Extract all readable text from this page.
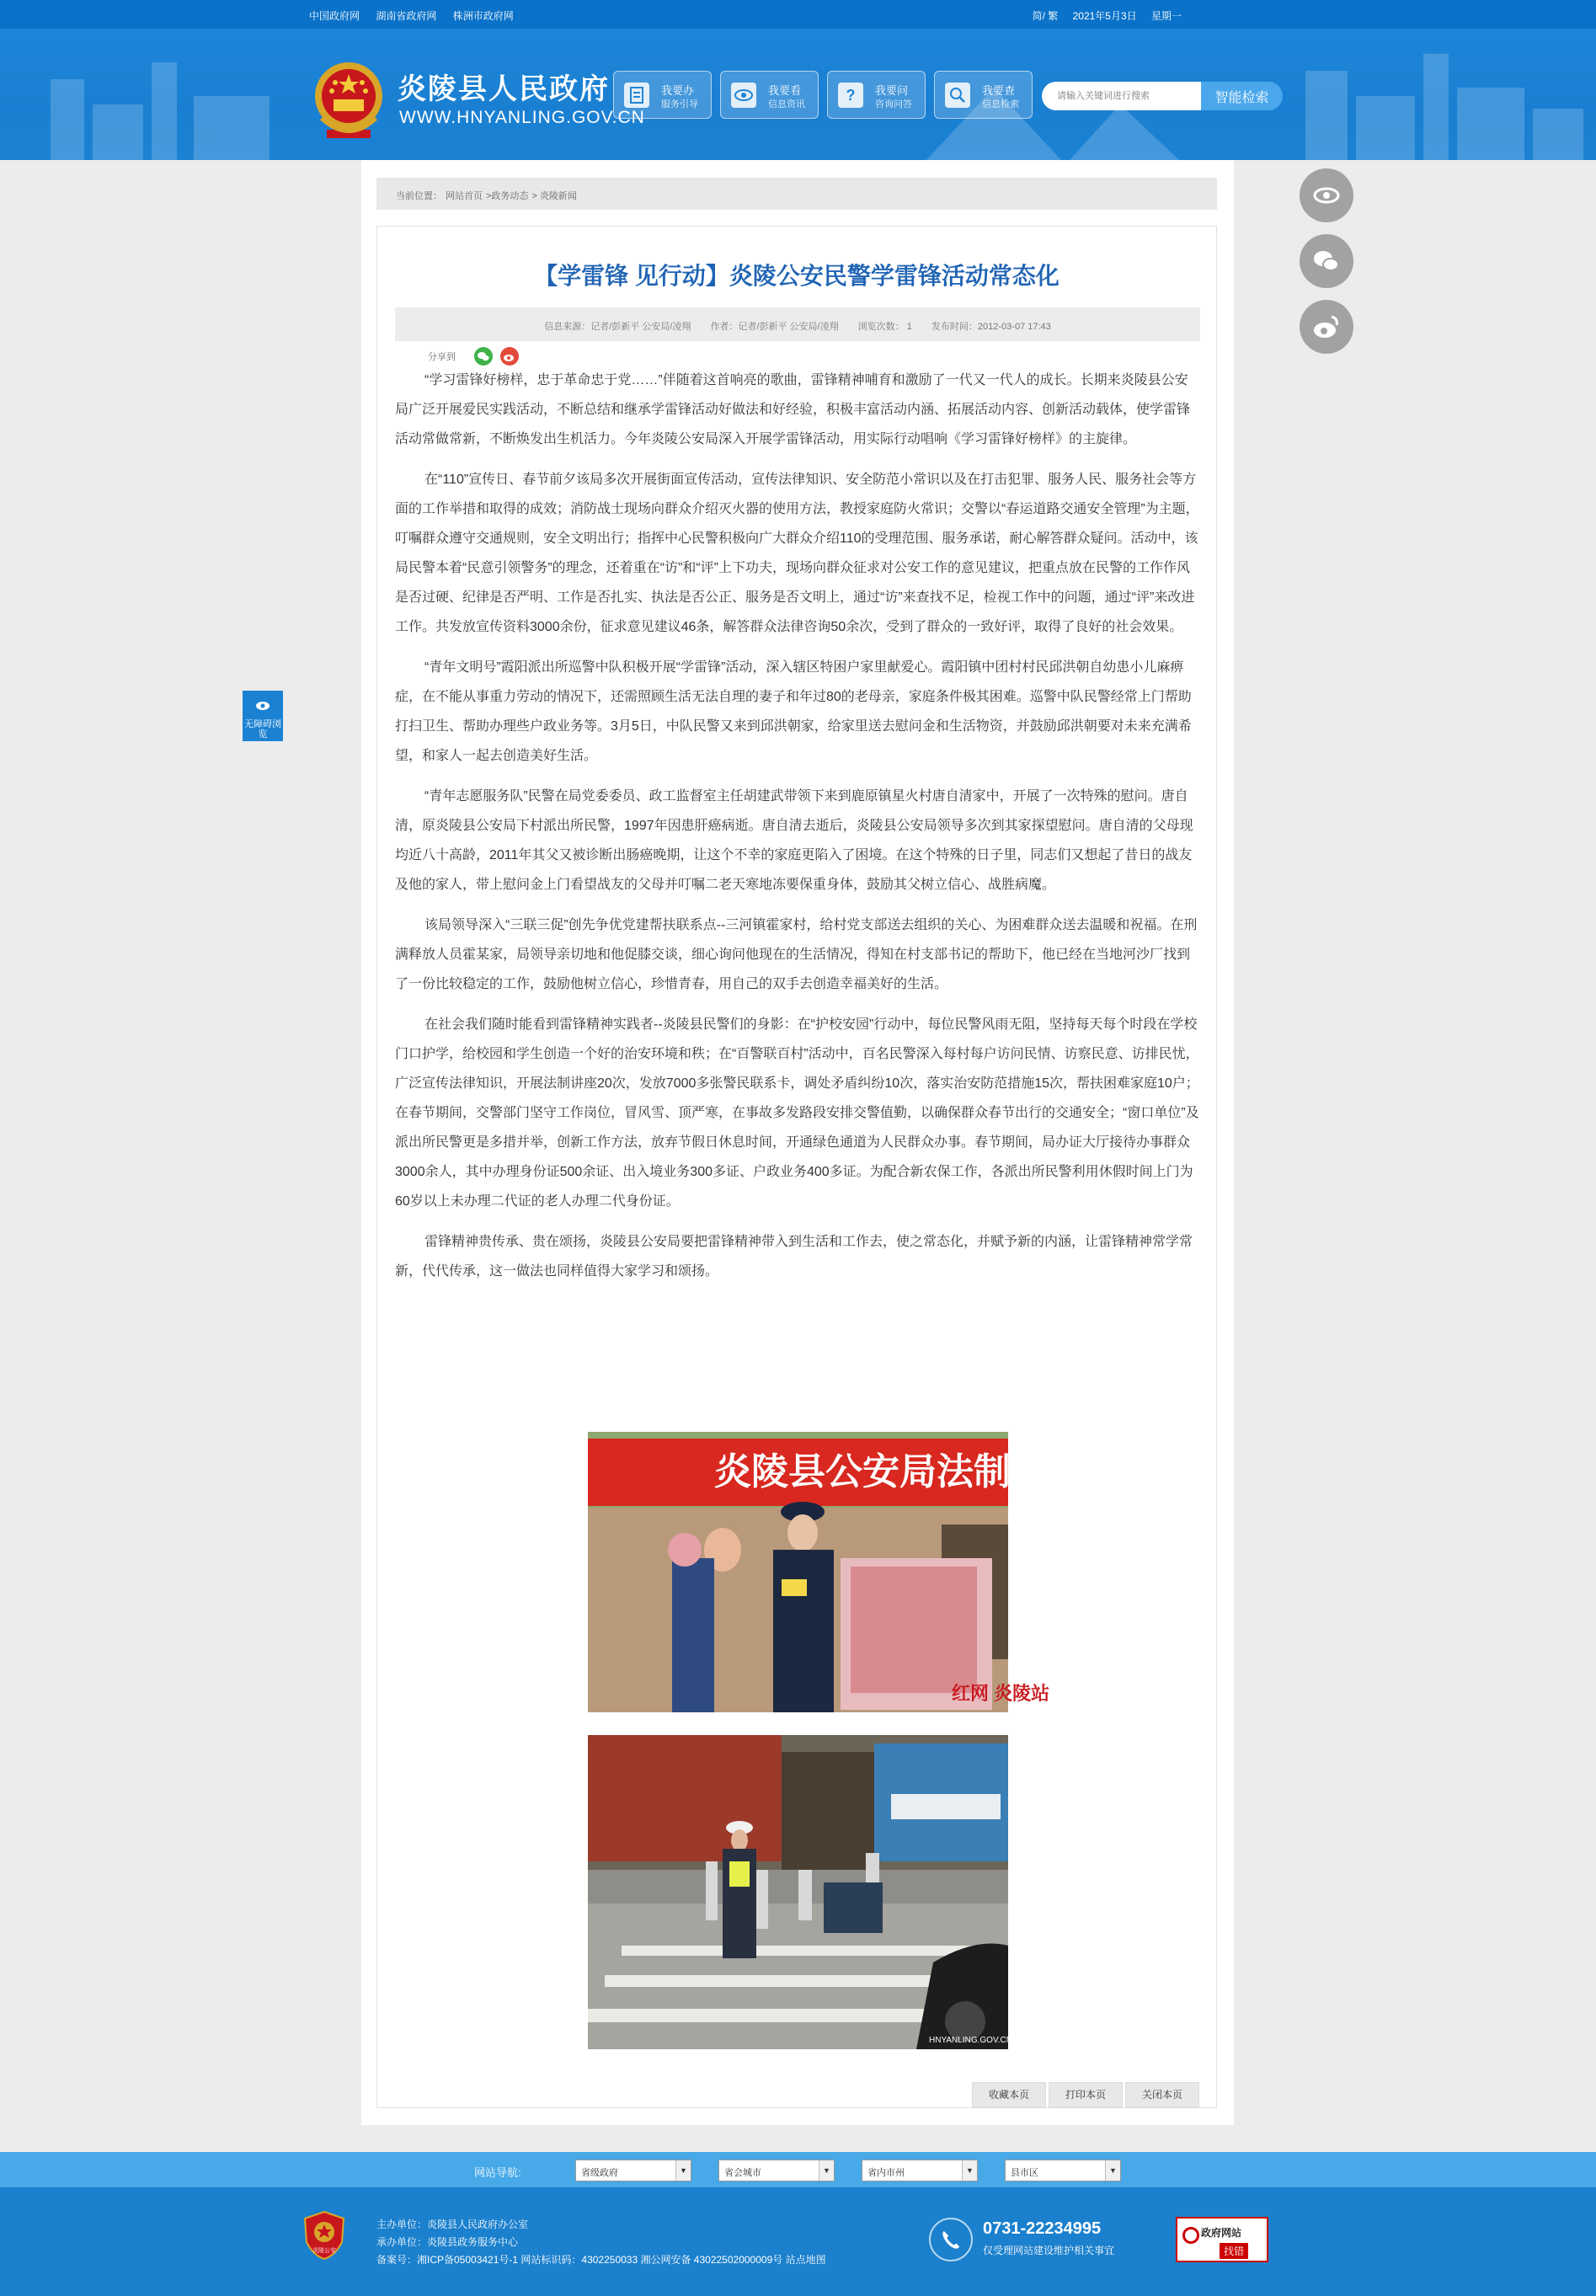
中国政府网 湖南省政府网 株洲市政府网	简/ 繁 2021年5月3日 星期一
炎陵县人民政府
WWW.HNYANLING.GOV.CN
我要办
服务引导
我要看
信息资讯
? 我要问
咨询问答
我要查
信息检索
请输入关键词进行搜索	智能检索
当前位置： 网站首页 >政务动态 > 炎陵新闻
【学雷锋 见行动】炎陵公安民警学雷锋活动常态化
信息来源：记者/彭新平 公安局/凌翔 作者：记者/彭新平 公安局/凌翔 浏览次数： 1 发布时间：2012-03-07 17:43
分享到

“学习雷锋好榜样，忠于革命忠于党……”伴随着这首响亮的歌曲，雷锋精神哺育和激励了一代又一代人的成长。长期来炎陵县公安局广泛开展爱民实践活动，不断总结和继承学雷锋活动好做法和好经验，积极丰富活动内涵、拓展活动内容、创新活动载体，使学雷锋活动常做常新，不断焕发出生机活力。今年炎陵公安局深入开展学雷锋活动，用实际行动唱响《学习雷锋好榜样》的主旋律。

在“110”宣传日、春节前夕该局多次开展街面宣传活动，宣传法律知识、安全防范小常识以及在打击犯罪、服务人民、服务社会等方面的工作举措和取得的成效；消防战士现场向群众介绍灭火器的使用方法，教授家庭防火常识；交警以“春运道路交通安全管理”为主题，叮嘱群众遵守交通规则，安全文明出行；指挥中心民警积极向广大群众介绍110的受理范围、服务承诺，耐心解答群众疑问。活动中，该局民警本着“民意引领警务”的理念，还着重在“访”和“评”上下功夫，现场向群众征求对公安工作的意见建议，把重点放在民警的工作作风是否过硬、纪律是否严明、工作是否扎实、执法是否公正、服务是否文明上，通过“访”来查找不足，检视工作中的问题，通过“评”来改进工作。共发放宣传资料3000余份，征求意见建议46条，解答群众法律咨询50余次，受到了群众的一致好评，取得了良好的社会效果。

“青年文明号”霞阳派出所巡警中队积极开展“学雷锋”活动，深入辖区特困户家里献爱心。霞阳镇中团村村民邱洪朝自幼患小儿麻痹症，在不能从事重力劳动的情况下，还需照顾生活无法自理的妻子和年过80的老母亲，家庭条件极其困难。巡警中队民警经常上门帮助打扫卫生、帮助办理些户政业务等。3月5日，中队民警又来到邱洪朝家，给家里送去慰问金和生活物资，并鼓励邱洪朝要对未来充满希望，和家人一起去创造美好生活。

“青年志愿服务队”民警在局党委委员、政工监督室主任胡建武带领下来到鹿原镇星火村唐自清家中，开展了一次特殊的慰问。唐自清，原炎陵县公安局下村派出所民警，1997年因患肝癌病逝。唐自清去逝后，炎陵县公安局领导多次到其家探望慰问。唐自清的父母现均近八十高龄，2011年其父又被诊断出肠癌晚期，让这个不幸的家庭更陷入了困境。在这个特殊的日子里，同志们又想起了昔日的战友及他的家人，带上慰问金上门看望战友的父母并叮嘱二老天寒地冻要保重身体，鼓励其父树立信心、战胜病魔。

该局领导深入“三联三促”创先争优党建帮扶联系点--三河镇霍家村，给村党支部送去组织的关心、为困难群众送去温暖和祝福。在刑满释放人员霍某家，局领导亲切地和他促膝交谈，细心询问他现在的生活情况，得知在村支部书记的帮助下，他已经在当地河沙厂找到了一份比较稳定的工作，鼓励他树立信心，珍惜青春，用自己的双手去创造幸福美好的生活。

在社会我们随时能看到雷锋精神实践者--炎陵县民警们的身影：在“护校安园”行动中，每位民警风雨无阻，坚持每天每个时段在学校门口护学，给校园和学生创造一个好的治安环境和秩；在“百警联百村”活动中，百名民警深入每村每户访问民情、访察民意、访排民忧，广泛宣传法律知识，开展法制讲座20次，发放7000多张警民联系卡，调处矛盾纠纷10次，落实治安防范措施15次，帮扶困难家庭10户；在春节期间，交警部门坚守工作岗位，冒风雪、顶严寒，在事故多发路段安排交警值勤，以确保群众春节出行的交通安全；“窗口单位”及派出所民警更是多措并举，创新工作方法，放弃节假日休息时间，开通绿色通道为人民群众办事。春节期间，局办证大厅接待办事群众3000余人，其中办理身份证500余证、出入境业务300多证、户政业务400多证。为配合新农保工作，各派出所民警利用休假时间上门为60岁以上未办理二代证的老人办理二代身份证。

雷锋精神贵传承、贵在颂扬，炎陵县公安局要把雷锋精神带入到生活和工作去，使之常态化，并赋予新的内涵，让雷锋精神常学常新，代代传承，这一做法也同样值得大家学习和颂扬。

炎陵县公安局法制宣传点
红网 炎陵站
HNYANLING.GOV.CN
收藏本页	打印本页	关闭本页
无障碍浏览
网站导航:	省级政府	▼	省会城市	▼	省内市州	▼	县市区	▼
炎陵公安
主办单位：炎陵县人民政府办公室
承办单位：炎陵县政务服务中心
备案号：湘ICP备05003421号-1 网站标识码：4302250033 湘公网安备 43022502000009号 站点地图
0731-22234995
仅受理网站建设维护相关事宜
政府网站
找错
